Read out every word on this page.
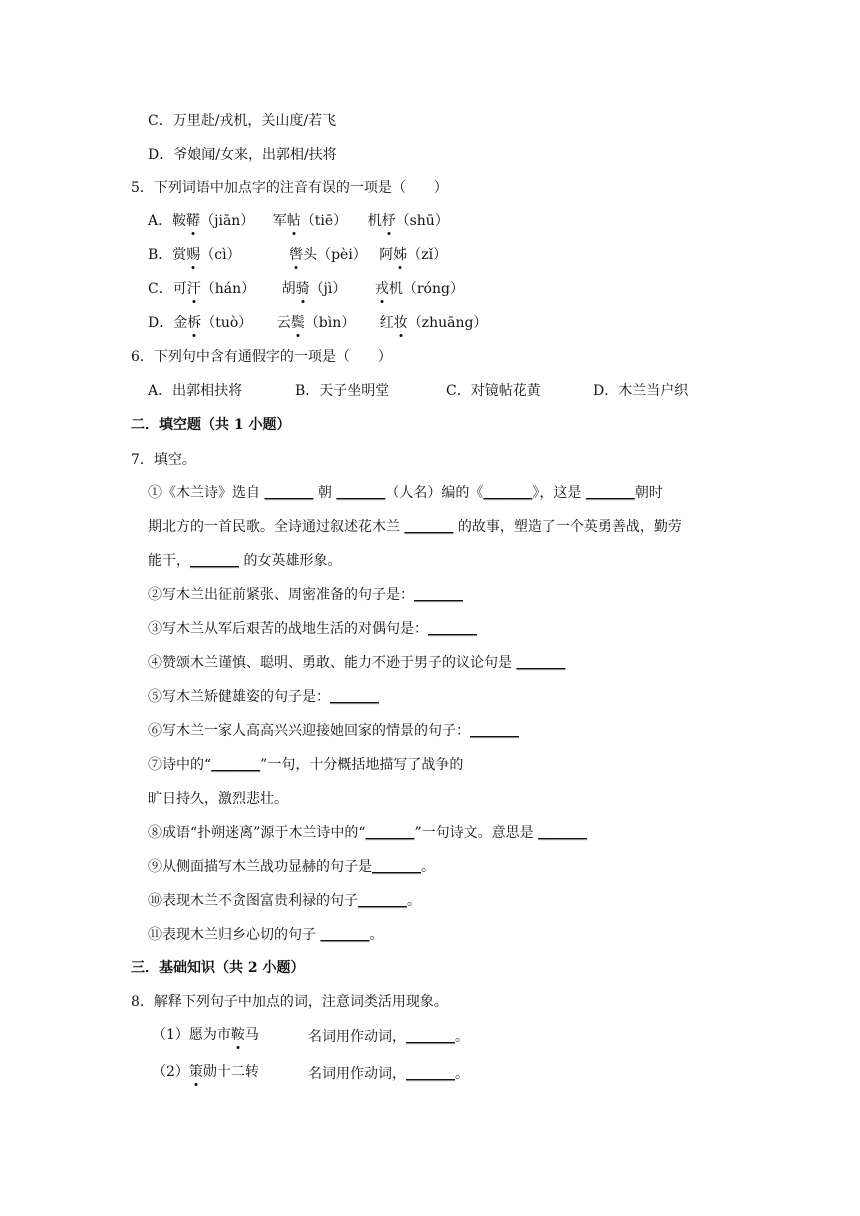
C．万里赴/戎机，关山度/若飞
D．爷娘闻/女来，出郭相/扶将
5．下列词语中加点字的注音有误的一项是（　　）
A．鞍鞯（jiān） 军帖（tiē） 机杼（shū）
B．赏赐（cì）	辔头（pèi） 阿姊（zǐ）
C．可汗（hán） 胡骑（jì） 戎机（róng）
D．金柝（tuò） 云鬓（bìn） 红妆（zhuāng）
6．下列句中含有通假字的一项是（　　）
A．出郭相扶将	B．天子坐明堂	C．对镜帖花黄	D．木兰当户织
二．填空题（共 1 小题）
7．填空。
①《木兰诗》选自 _______ 朝 _______（人名）编的《_______》，这是 _______朝时
期北方的一首民歌。全诗通过叙述花木兰 _______ 的故事，塑造了一个英勇善战，勤劳
能干，_______ 的女英雄形象。
②写木兰出征前紧张、周密准备的句子是：_______
③写木兰从军后艰苦的战地生活的对偶句是：_______
④赞颂木兰谨慎、聪明、勇敢、能力不逊于男子的议论句是 _______
⑤写木兰矫健雄姿的句子是：_______
⑥写木兰一家人高高兴兴迎接她回家的情景的句子：_______
⑦诗中的“_______”一句，十分概括地描写了战争的
旷日持久，激烈悲壮。
⑧成语“扑朔迷离”源于木兰诗中的“_______”一句诗文。意思是 _______
⑨从侧面描写木兰战功显赫的句子是_______。
⑩表现木兰不贪图富贵利禄的句子_______。
⑪表现木兰归乡心切的句子 _______。
三．基础知识（共 2 小题）
8．解释下列句子中加点的词，注意词类活用现象。
（1）愿为市鞍马	名词用作动词，_______。
（2）策勋十二转	名词用作动词，_______。
